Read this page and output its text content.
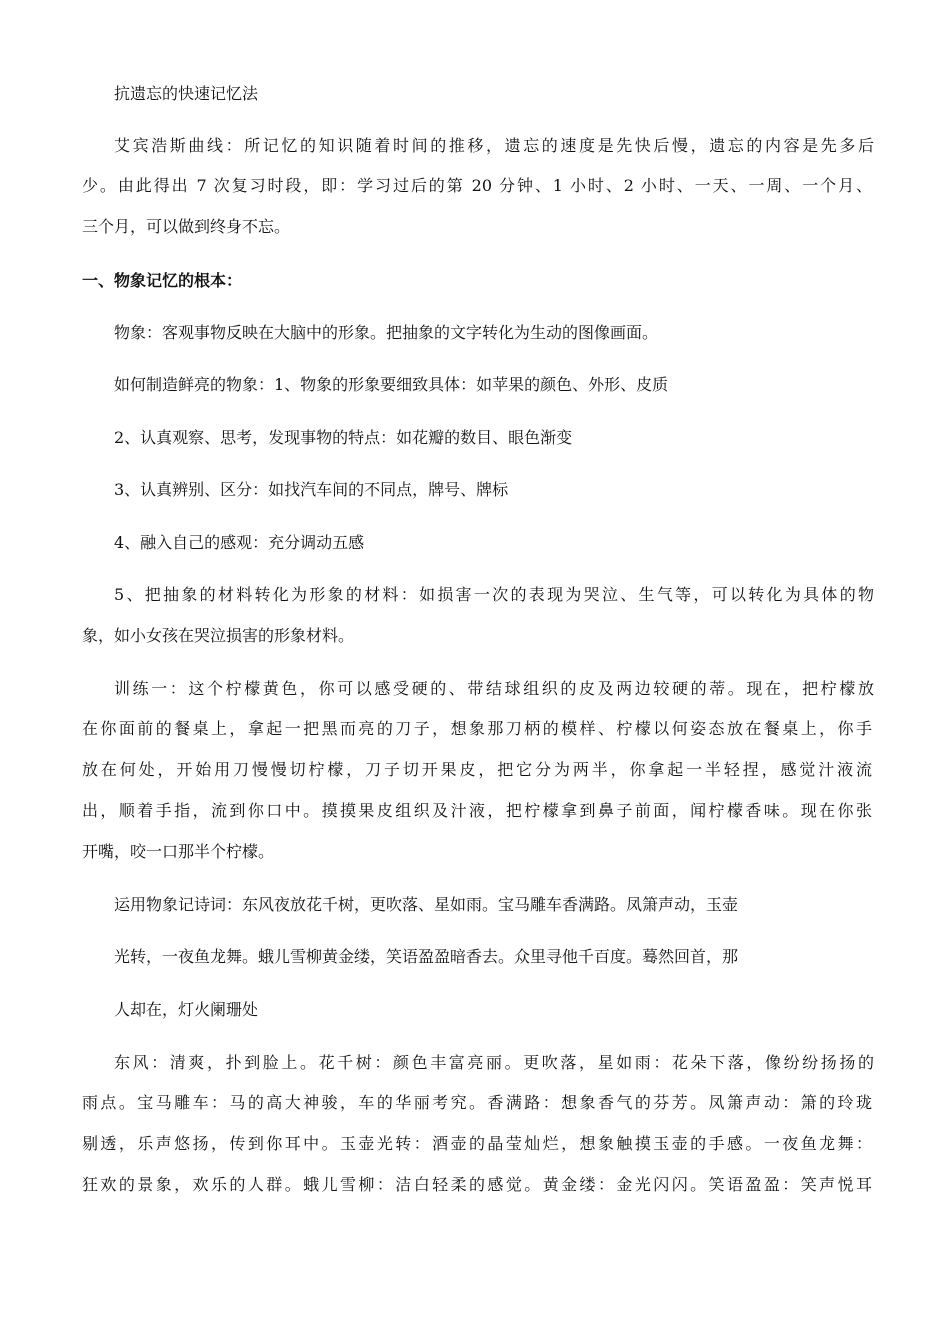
抗遗忘的快速记忆法
艾宾浩斯曲线：所记忆的知识随着时间的推移，遗忘的速度是先快后慢，遗忘的内容是先多后
少。由此得出 7 次复习时段，即：学习过后的第 20 分钟、1 小时、2 小时、一天、一周、一个月、
三个月，可以做到终身不忘。
一、物象记忆的根本：
物象：客观事物反映在大脑中的形象。把抽象的文字转化为生动的图像画面。
如何制造鲜亮的物象：1、物象的形象要细致具体：如苹果的颜色、外形、皮质
2、认真观察、思考，发现事物的特点：如花瓣的数目、眼色渐变
3、认真辨别、区分：如找汽车间的不同点，牌号、牌标
4、融入自己的感观：充分调动五感
5、把抽象的材料转化为形象的材料：如损害一次的表现为哭泣、生气等，可以转化为具体的物
象，如小女孩在哭泣损害的形象材料。
训练一：这个柠檬黄色，你可以感受硬的、带结球组织的皮及两边较硬的蒂。现在，把柠檬放
在你面前的餐桌上，拿起一把黑而亮的刀子，想象那刀柄的模样、柠檬以何姿态放在餐桌上，你手
放在何处，开始用刀慢慢切柠檬，刀子切开果皮，把它分为两半，你拿起一半轻捏，感觉汁液流
出，顺着手指，流到你口中。摸摸果皮组织及汁液，把柠檬拿到鼻子前面，闻柠檬香味。现在你张
开嘴，咬一口那半个柠檬。
运用物象记诗词：东风夜放花千树，更吹落、星如雨。宝马雕车香满路。凤箫声动，玉壶
光转，一夜鱼龙舞。蛾儿雪柳黄金缕，笑语盈盈暗香去。众里寻他千百度。蓦然回首，那
人却在，灯火阑珊处
东风：清爽，扑到脸上。花千树：颜色丰富亮丽。更吹落，星如雨：花朵下落，像纷纷扬扬的
雨点。宝马雕车：马的高大神骏，车的华丽考究。香满路：想象香气的芬芳。凤箫声动：箫的玲珑
剔透，乐声悠扬，传到你耳中。玉壶光转：酒壶的晶莹灿烂，想象触摸玉壶的手感。一夜鱼龙舞：
狂欢的景象，欢乐的人群。蛾儿雪柳：洁白轻柔的感觉。黄金缕：金光闪闪。笑语盈盈：笑声悦耳
